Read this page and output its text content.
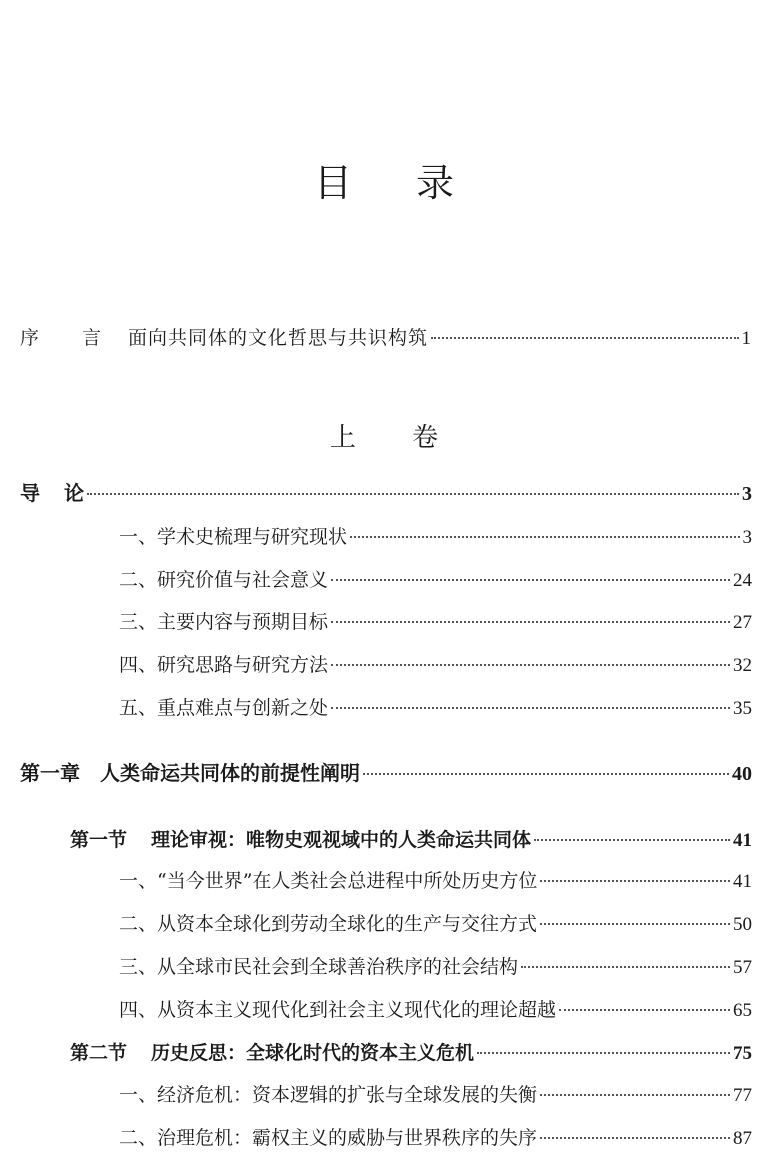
目 录
序 言 面向共同体的文化哲思与共识构筑	1
上 卷
导 论	3
一、学术史梳理与研究现状	3
二、研究价值与社会意义	24
三、主要内容与预期目标	27
四、研究思路与研究方法	32
五、重点难点与创新之处	35
第一章 人类命运共同体的前提性阐明	40
第一节 理论审视：唯物史观视域中的人类命运共同体	41
一、“当今世界”在人类社会总进程中所处历史方位	41
二、从资本全球化到劳动全球化的生产与交往方式	50
三、从全球市民社会到全球善治秩序的社会结构	57
四、从资本主义现代化到社会主义现代化的理论超越	65
第二节 历史反思：全球化时代的资本主义危机	75
一、经济危机：资本逻辑的扩张与全球发展的失衡	77
二、治理危机：霸权主义的威胁与世界秩序的失序	87
